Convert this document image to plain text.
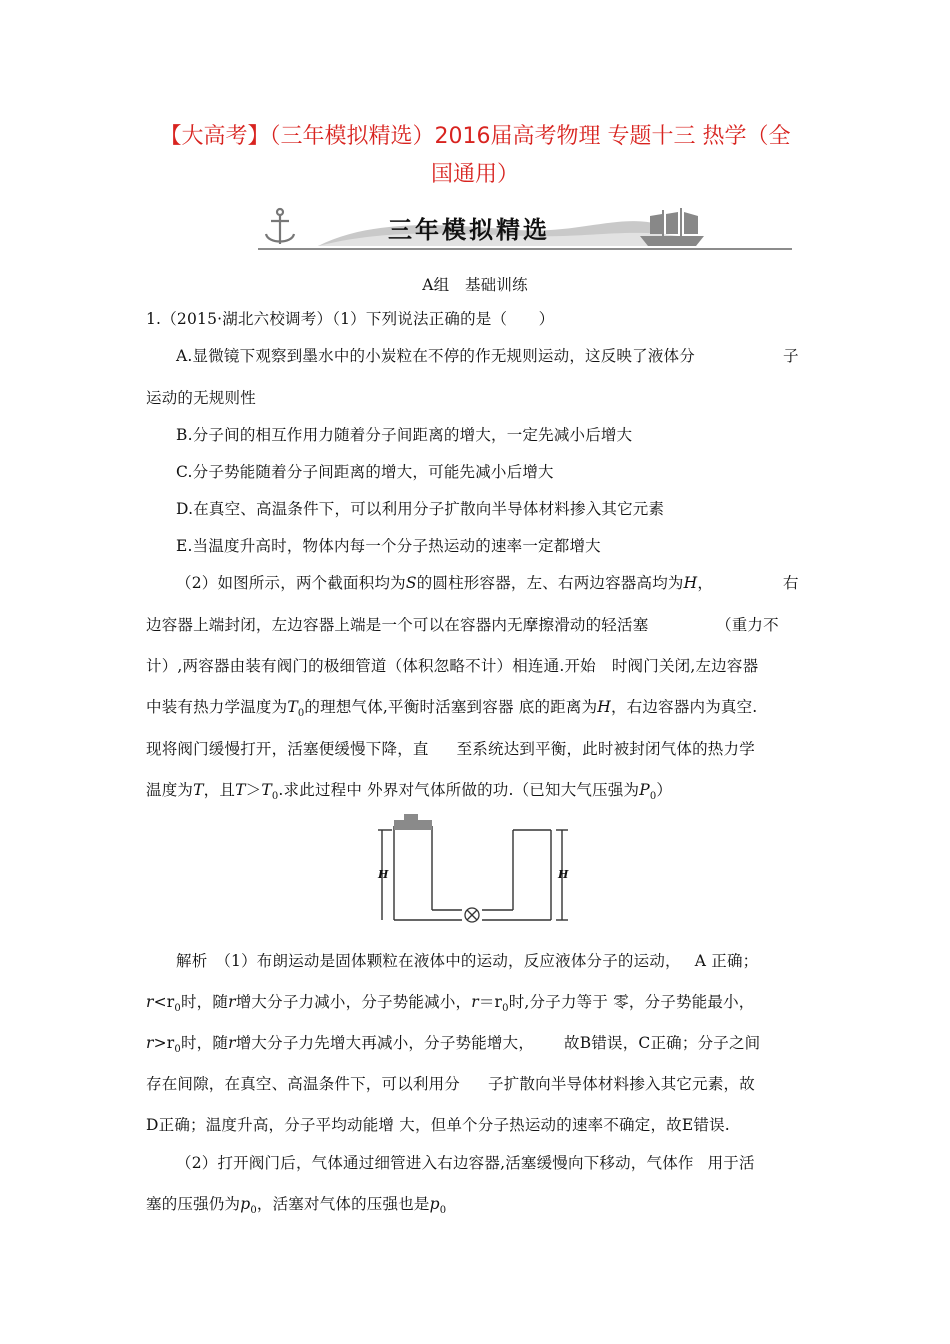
【大高考】（三年模拟精选）2016届高考物理 专题十三 热学（全
国通用）
三年模拟精选
A组　基础训练
1.（2015·湖北六校调考）（1）下列说法正确的是（　　）
A.显微镜下观察到墨水中的小炭粒在不停的作无规则运动，这反映了液体分	子
运动的无规则性
B.分子间的相互作用力随着分子间距离的增大，一定先减小后增大
C.分子势能随着分子间距离的增大，可能先减小后增大
D.在真空、高温条件下，可以利用分子扩散向半导体材料掺入其它元素
E.当温度升高时，物体内每一个分子热运动的速率一定都增大
（2）如图所示，两个截面积均为S的圆柱形容器，左、右两边容器高均为H，	右
边容器上端封闭，左边容器上端是一个可以在容器内无摩擦滑动的轻活塞	（重力不
计）,两容器由装有阀门的极细管道（体积忽略不计）相连通.开始 时阀门关闭,左边容器
中装有热力学温度为$T_0$的理想气体,平衡时活塞到容器 底的距离为H，右边容器内为真空.
现将阀门缓慢打开，活塞便缓慢下降，直 至系统达到平衡，此时被封闭气体的热力学
温度为T，且$T>T_0$.求此过程中 外界对气体所做的功.（已知大气压强为$P_0$）
H	H
解析　（1）布朗运动是固体颗粒在液体中的运动，反应液体分子的运动， A 正确；
$r<r_0$时，随r增大分子力减小，分子势能减小，$r=r_0$时,分子力等于 零，分子势能最小，
$r>r_0$时，随r增大分子力先增大再减小，分子势能增大， 故B错误，C正确；分子之间
存在间隙，在真空、高温条件下，可以利用分 子扩散向半导体材料掺入其它元素，故
D正确；温度升高，分子平均动能增 大，但单个分子热运动的速率不确定，故E错误.
（2）打开阀门后，气体通过细管进入右边容器,活塞缓慢向下移动，气体作 用于活
塞的压强仍为$p_0$，活塞对气体的压强也是$p_0$
